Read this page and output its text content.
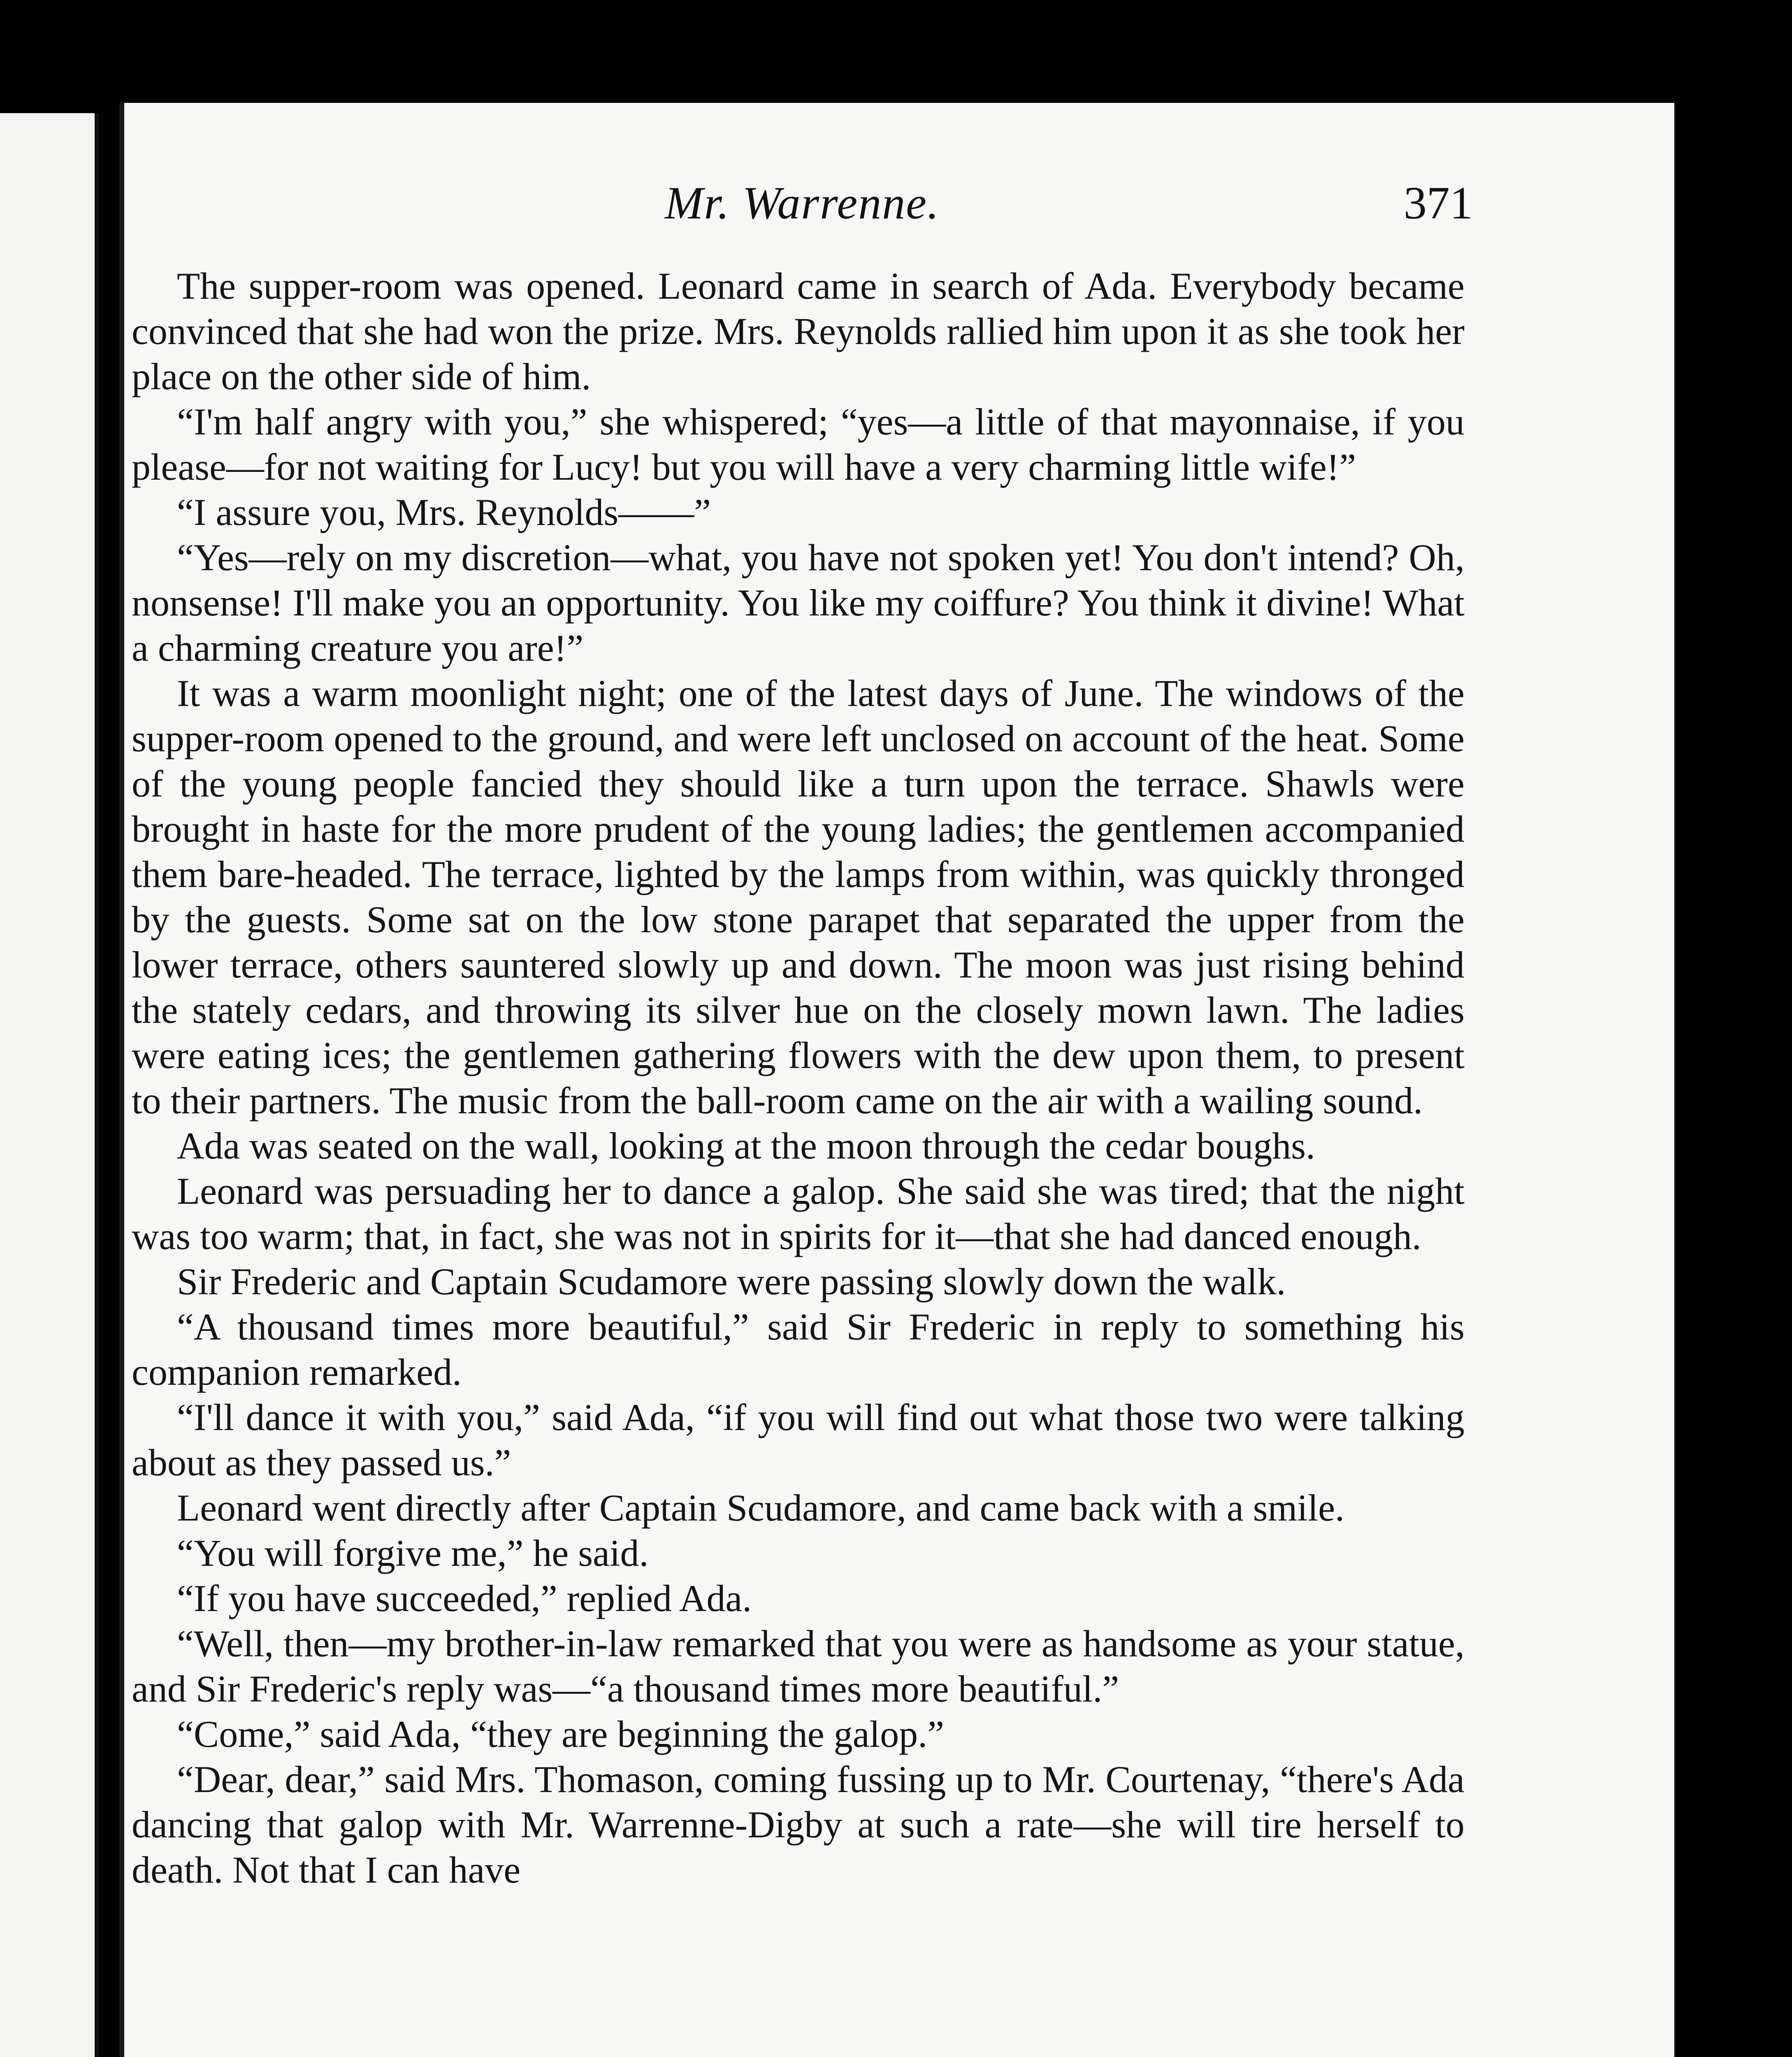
Mr. Warrenne.	371

The supper-room was opened. Leonard came in search of Ada. Everybody became convinced that she had won the prize. Mrs. Reynolds rallied him upon it as she took her place on the other side of him.

“I'm half angry with you,” she whispered; “yes—a little of that mayonnaise, if you please—for not waiting for Lucy! but you will have a very charming little wife!”

“I assure you, Mrs. Reynolds——”

“Yes—rely on my discretion—what, you have not spoken yet! You don't intend? Oh, nonsense! I'll make you an opportunity. You like my coiffure? You think it divine! What a charming creature you are!”

It was a warm moonlight night; one of the latest days of June. The windows of the supper-room opened to the ground, and were left unclosed on account of the heat. Some of the young people fancied they should like a turn upon the terrace. Shawls were brought in haste for the more prudent of the young ladies; the gentlemen accompanied them bare-headed. The terrace, lighted by the lamps from within, was quickly thronged by the guests. Some sat on the low stone parapet that separated the upper from the lower terrace, others sauntered slowly up and down. The moon was just rising behind the stately cedars, and throwing its silver hue on the closely mown lawn. The ladies were eating ices; the gentlemen gathering flowers with the dew upon them, to present to their partners. The music from the ball-room came on the air with a wailing sound.

Ada was seated on the wall, looking at the moon through the cedar boughs.

Leonard was persuading her to dance a galop. She said she was tired; that the night was too warm; that, in fact, she was not in spirits for it—that she had danced enough.

Sir Frederic and Captain Scudamore were passing slowly down the walk.

“A thousand times more beautiful,” said Sir Frederic in reply to something his companion remarked.

“I'll dance it with you,” said Ada, “if you will find out what those two were talking about as they passed us.”

Leonard went directly after Captain Scudamore, and came back with a smile.

“You will forgive me,” he said.

“If you have succeeded,” replied Ada.

“Well, then—my brother-in-law remarked that you were as handsome as your statue, and Sir Frederic's reply was—“a thousand times more beautiful.”

“Come,” said Ada, “they are beginning the galop.”

“Dear, dear,” said Mrs. Thomason, coming fussing up to Mr. Courtenay, “there's Ada dancing that galop with Mr. Warrenne-Digby at such a rate—she will tire herself to death. Not that I can have
